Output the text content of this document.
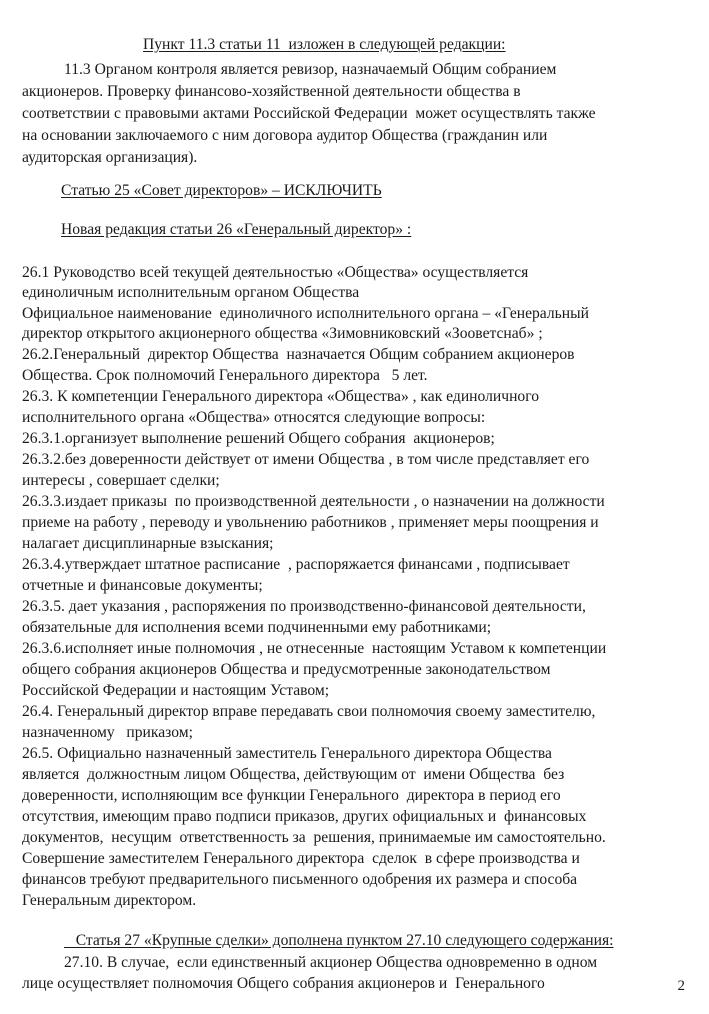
Пункт 11.3 статьи 11  изложен в следующей редакции:
11.3 Органом контроля является ревизор, назначаемый Общим собранием
акционеров. Проверку финансово-хозяйственной деятельности общества в
соответствии с правовыми актами Российской Федерации  может осуществлять также
на основании заключаемого с ним договора аудитор Общества (гражданин или
аудиторская организация).
Статью 25 «Совет директоров» – ИСКЛЮЧИТЬ
Новая редакция статьи 26 «Генеральный директор» :
26.1 Руководство всей текущей деятельностью «Общества» осуществляется
единоличным исполнительным органом Общества
Официальное наименование  единоличного исполнительного органа – «Генеральный
директор открытого акционерного общества «Зимовниковский «Зооветснаб» ;
26.2.Генеральный  директор Общества  назначается Общим собранием акционеров
Общества. Срок полномочий Генерального директора   5 лет.
26.3. К компетенции Генерального директора «Общества» , как единоличного
исполнительного органа «Общества» относятся следующие вопросы:
26.3.1.организует выполнение решений Общего собрания  акционеров;
26.3.2.без доверенности действует от имени Общества , в том числе представляет его
интересы , совершает сделки;
26.3.3.издает приказы  по производственной деятельности , о назначении на должности
приеме на работу , переводу и увольнению работников , применяет меры поощрения и
налагает дисциплинарные взыскания;
26.3.4.утверждает штатное расписание  , распоряжается финансами , подписывает
отчетные и финансовые документы;
26.3.5. дает указания , распоряжения по производственно-финансовой деятельности,
обязательные для исполнения всеми подчиненными ему работниками;
26.3.6.исполняет иные полномочия , не отнесенные  настоящим Уставом к компетенции
общего собрания акционеров Общества и предусмотренные законодательством
Российской Федерации и настоящим Уставом;
26.4. Генеральный директор вправе передавать свои полномочия своему заместителю,
назначенному   приказом;
26.5. Официально назначенный заместитель Генерального директора Общества
является  должностным лицом Общества, действующим от  имени Общества  без
доверенности, исполняющим все функции Генерального  директора в период его
отсутствия, имеющим право подписи приказов, других официальных и  финансовых
документов,  несущим  ответственность за  решения, принимаемые им самостоятельно.
Совершение заместителем Генерального директора  сделок  в сфере производства и
финансов требуют предварительного письменного одобрения их размера и способа
Генеральным директором.
Статья 27 «Крупные сделки» дополнена пунктом 27.10 следующего содержания:
27.10. В случае,  если единственный акционер Общества одновременно в одном
лице осуществляет полномочия Общего собрания акционеров и  Генерального	2
